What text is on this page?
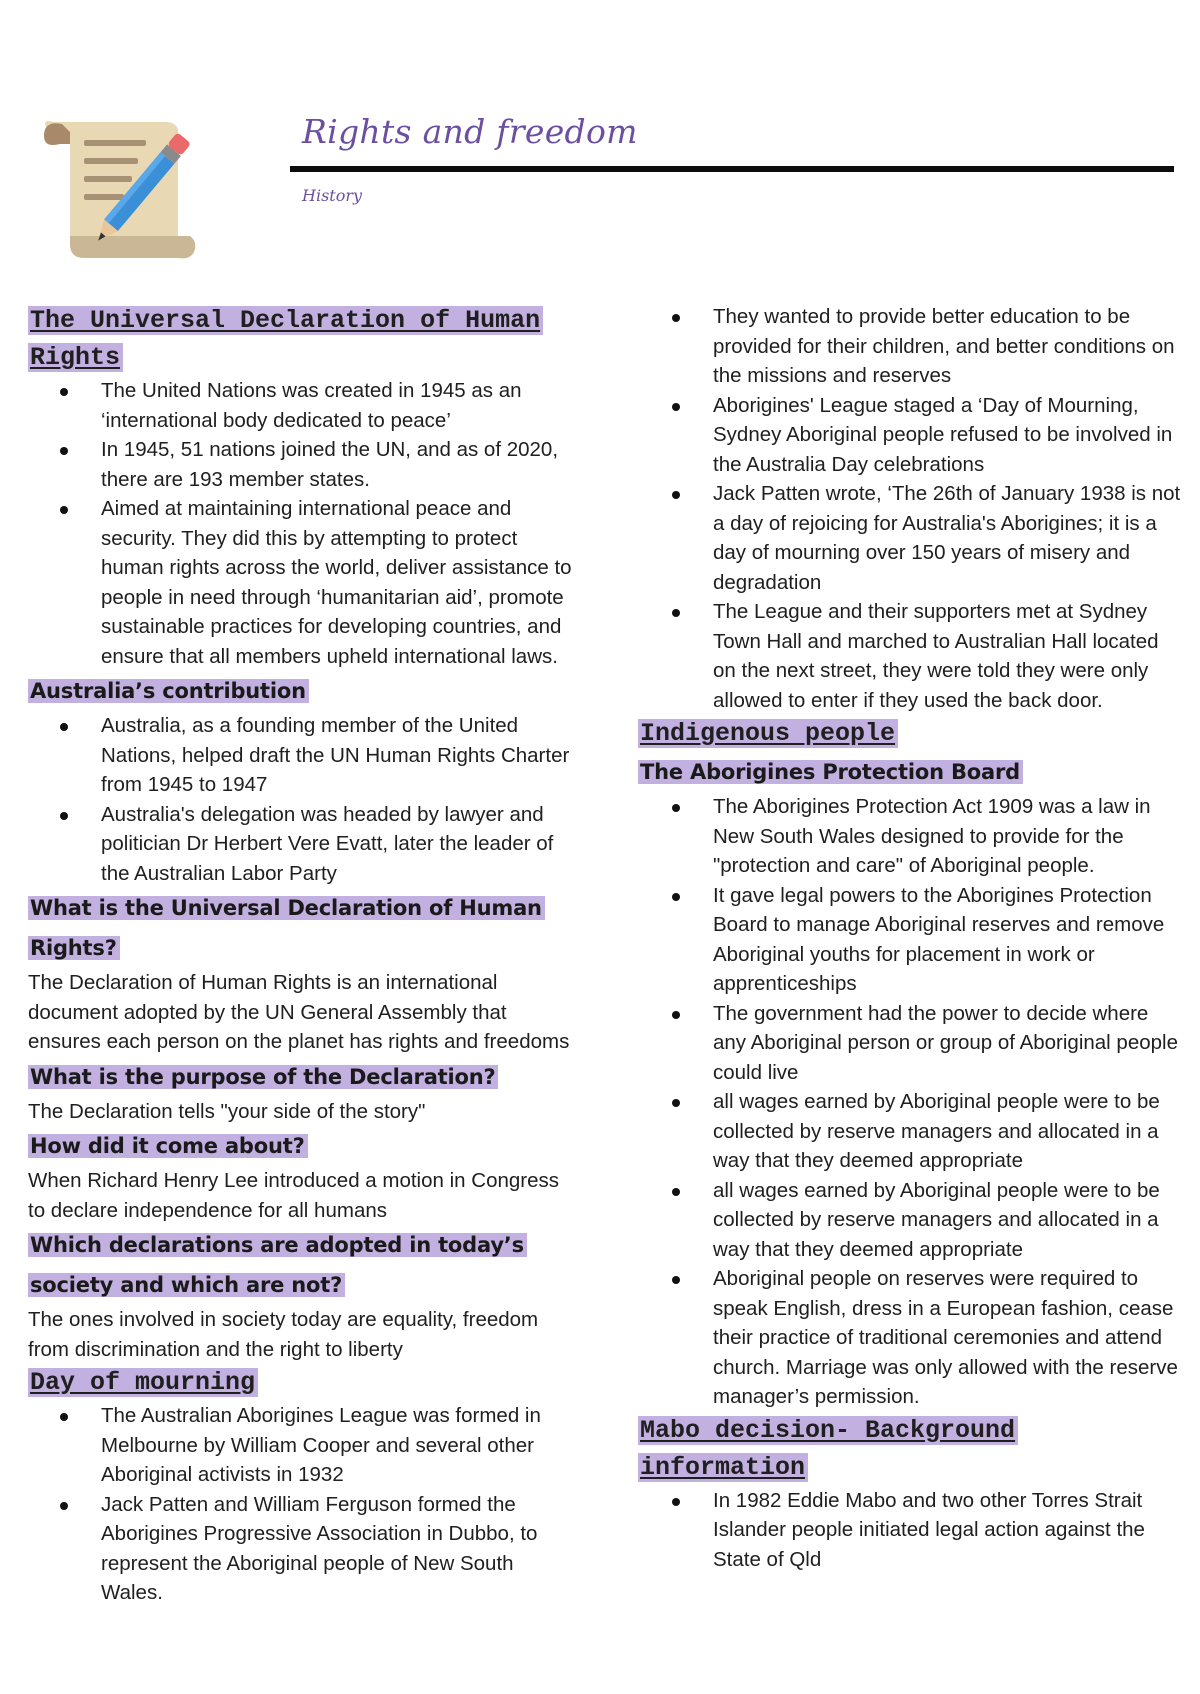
Rights and freedom
History
The Universal Declaration of Human Rights
The United Nations was created in 1945 as an ‘international body dedicated to peace’
In 1945, 51 nations joined the UN, and as of 2020, there are 193 member states.
Aimed at maintaining international peace and security. They did this by attempting to protect human rights across the world, deliver assistance to people in need through ‘humanitarian aid’, promote sustainable practices for developing countries, and ensure that all members upheld international laws.
Australia’s contribution
Australia, as a founding member of the United Nations, helped draft the UN Human Rights Charter from 1945 to 1947
Australia's delegation was headed by lawyer and politician Dr Herbert Vere Evatt, later the leader of the Australian Labor Party
What is the Universal Declaration of Human Rights?

The Declaration of Human Rights is an international document adopted by the UN General Assembly that ensures each person on the planet has rights and freedoms

What is the purpose of the Declaration?

The Declaration tells "your side of the story"

How did it come about?

When Richard Henry Lee introduced a motion in Congress to declare independence for all humans

Which declarations are adopted in today’s society and which are not?

The ones involved in society today are equality, freedom from discrimination and the right to liberty

Day of mourning
The Australian Aborigines League was formed in Melbourne by William Cooper and several other Aboriginal activists in 1932
Jack Patten and William Ferguson formed the Aborigines Progressive Association in Dubbo, to represent the Aboriginal people of New South Wales.
They wanted to provide better education to be provided for their children, and better conditions on the missions and reserves
Aborigines' League staged a ‘Day of Mourning, Sydney Aboriginal people refused to be involved in the Australia Day celebrations
Jack Patten wrote, ‘The 26th of January 1938 is not a day of rejoicing for Australia's Aborigines; it is a day of mourning over 150 years of misery and degradation
The League and their supporters met at Sydney Town Hall and marched to Australian Hall located on the next street, they were told they were only allowed to enter if they used the back door.
Indigenous people
The Aborigines Protection Board
The Aborigines Protection Act 1909 was a law in New South Wales designed to provide for the "protection and care" of Aboriginal people.
It gave legal powers to the Aborigines Protection Board to manage Aboriginal reserves and remove Aboriginal youths for placement in work or apprenticeships
The government had the power to decide where any Aboriginal person or group of Aboriginal people could live
all wages earned by Aboriginal people were to be collected by reserve managers and allocated in a way that they deemed appropriate
all wages earned by Aboriginal people were to be collected by reserve managers and allocated in a way that they deemed appropriate
Aboriginal people on reserves were required to speak English, dress in a European fashion, cease their practice of traditional ceremonies and attend church. Marriage was only allowed with the reserve manager’s permission.
Mabo decision- Background information
In 1982 Eddie Mabo and two other Torres Strait Islander people initiated legal action against the State of Qld
